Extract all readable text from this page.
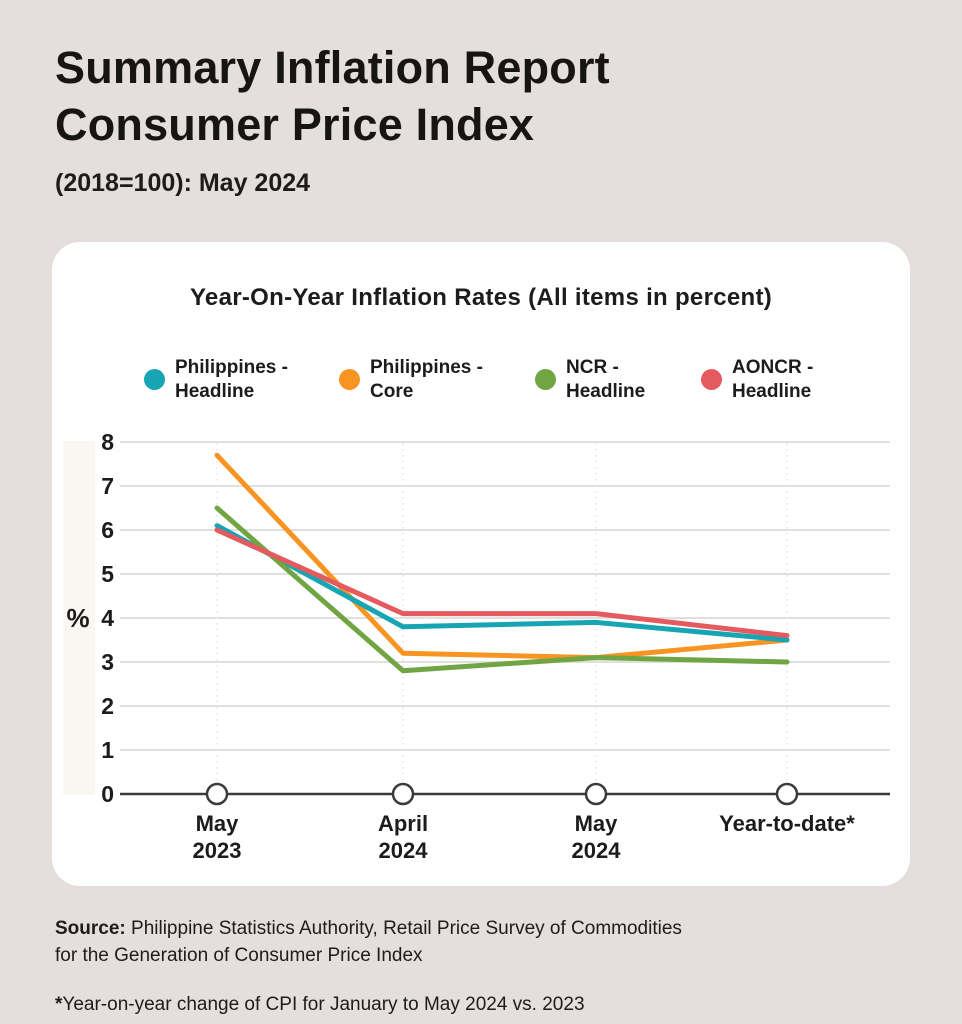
Summary Inflation Report
Consumer Price Index
(2018=100): May 2024
Year-On-Year Inflation Rates (All items in percent)
Philippines -
Headline
Philippines -
Core
NCR -
Headline
AONCR -
Headline
0
1
2
3
4
5
6
7
8
%
May
2023
April
2024
May
2024
Year-to-date*

Source: Philippine Statistics Authority, Retail Price Survey of Commodities for the Generation of Consumer Price Index

*Year-on-year change of CPI for January to May 2024 vs. 2023
